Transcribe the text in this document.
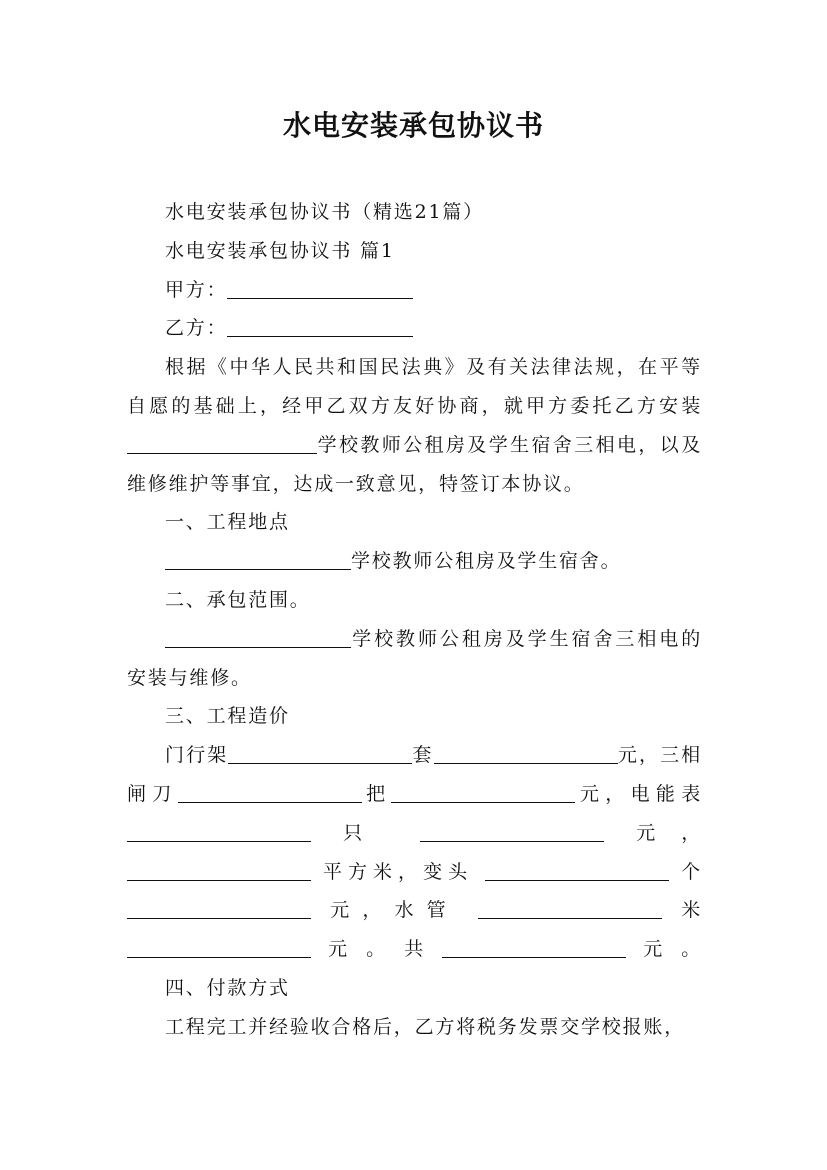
水电安装承包协议书

水电安装承包协议书（精选21篇）

水电安装承包协议书 篇1

甲方：

乙方：

根据《中华人民共和国民法典》及有关法律法规，在平等自愿的基础上，经甲乙双方友好协商，就甲方委托乙方安装学校教师公租房及学生宿舍三相电，以及维修维护等事宜，达成一致意见，特签订本协议。

一、工程地点

学校教师公租房及学生宿舍。

二、承包范围。

学校教师公租房及学生宿舍三相电的安装与维修。

三、工程造价

门行架	套	元，三相闸刀	把	元，电能表  只	元，  平方米，变头	个  元，水管	米元。共	元。

四、付款方式

工程完工并经验收合格后，乙方将税务发票交学校报账，
